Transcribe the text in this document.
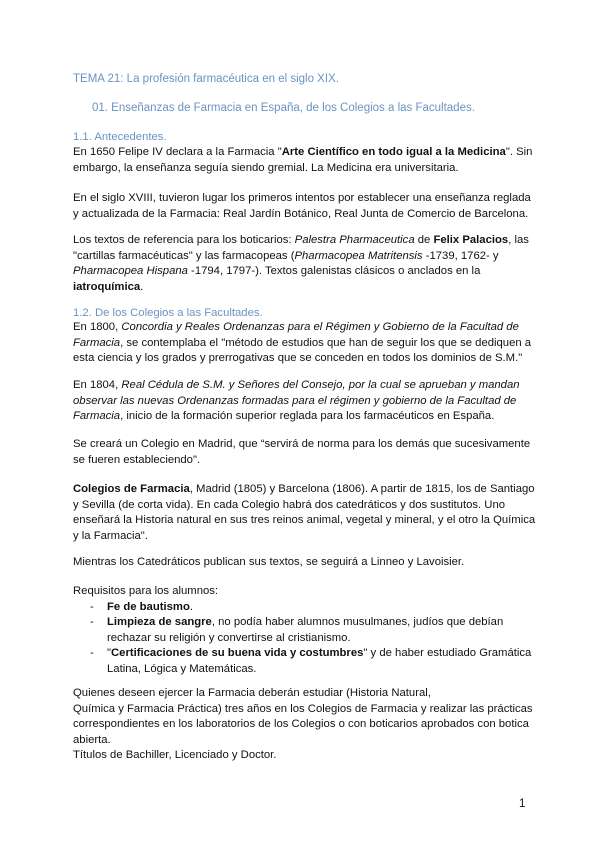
TEMA 21: La profesión farmacéutica en el siglo XIX.
01. Enseñanzas de Farmacia en España, de los Colegios a las Facultades.
1.1. Antecedentes.
En 1650 Felipe IV declara a la Farmacia "Arte Científico en todo igual a la Medicina". Sin
embargo, la enseñanza seguía siendo gremial. La Medicina era universitaria.
En el siglo XVIII, tuvieron lugar los primeros intentos por establecer una enseñanza reglada
y actualizada de la Farmacia: Real Jardín Botánico, Real Junta de Comercio de Barcelona.
Los textos de referencia para los boticarios: Palestra Pharmaceutica de Felix Palacios, las
"cartillas farmacéuticas" y las farmacopeas (Pharmacopea Matritensis -1739, 1762- y
Pharmacopea Hispana -1794, 1797-). Textos galenistas clásicos o anclados en la
iatroquímica.
1.2. De los Colegios a las Facultades.
En 1800, Concordia y Reales Ordenanzas para el Régimen y Gobierno de la Facultad de
Farmacia, se contemplaba el "método de estudios que han de seguir los que se dediquen a
esta ciencia y los grados y prerrogativas que se conceden en todos los dominios de S.M."
En 1804, Real Cédula de S.M. y Señores del Consejo, por la cual se aprueban y mandan
observar las nuevas Ordenanzas formadas para el régimen y gobierno de la Facultad de
Farmacia, inicio de la formación superior reglada para los farmacéuticos en España.
Se creará un Colegio en Madrid, que “servirá de norma para los demás que sucesivamente
se fueren estableciendo".
Colegios de Farmacia, Madrid (1805) y Barcelona (1806). A partir de 1815, los de Santiago
y Sevilla (de corta vida). En cada Colegio habrá dos catedráticos y dos sustitutos. Uno
enseñará la Historia natural en sus tres reinos animal, vegetal y mineral, y el otro la Química
y la Farmacia".
Mientras los Catedráticos publican sus textos, se seguirá a Linneo y Lavoisier.
Requisitos para los alumnos:
- Fe de bautismo.
- Limpieza de sangre, no podía haber alumnos musulmanes, judíos que debían
rechazar su religión y convertirse al cristianismo.
- "Certificaciones de su buena vida y costumbres" y de haber estudiado Gramática
Latina, Lógica y Matemáticas.
Quienes deseen ejercer la Farmacia deberán estudiar (Historia Natural,
Química y Farmacia Práctica) tres años en los Colegios de Farmacia y realizar las prácticas
correspondientes en los laboratorios de los Colegios o con boticarios aprobados con botica
abierta.
Títulos de Bachiller, Licenciado y Doctor.
1
